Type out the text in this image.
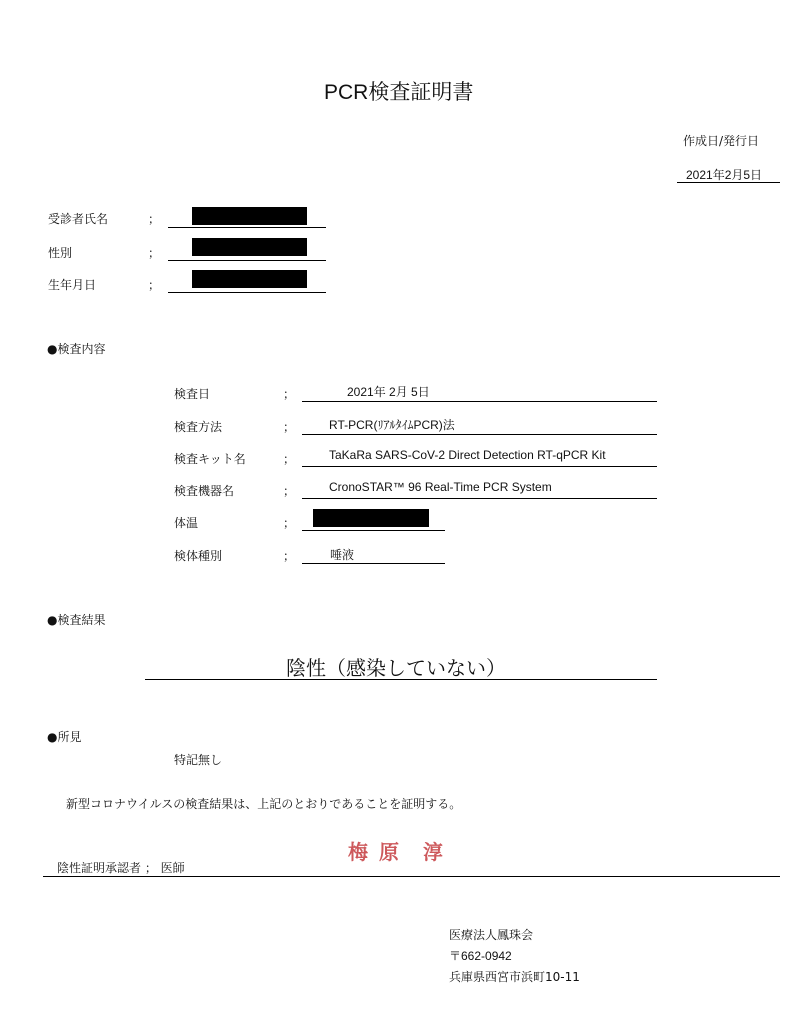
PCR検査証明書
作成日/発行日
2021年2月5日
受診者氏名	；
性別	；
生年月日	；
●検査内容
検査日	；	2021年 2月 5日
検査方法	；	RT-PCR(ﾘｱﾙﾀｲﾑPCR)法
検査キット名	；	TaKaRa SARS-CoV-2 Direct Detection RT-qPCR Kit
検査機器名	；	CronoSTAR™ 96 Real-Time PCR System
体温	；
検体種別	；	唾液
●検査結果
陰性（感染していない）
●所見
特記無し
新型コロナウイルスの検査結果は、上記のとおりであることを証明する。
陰性証明承認者 ； 医師
梅 原　淳
医療法人鳳珠会
〒662-0942
兵庫県西宮市浜町10-11
